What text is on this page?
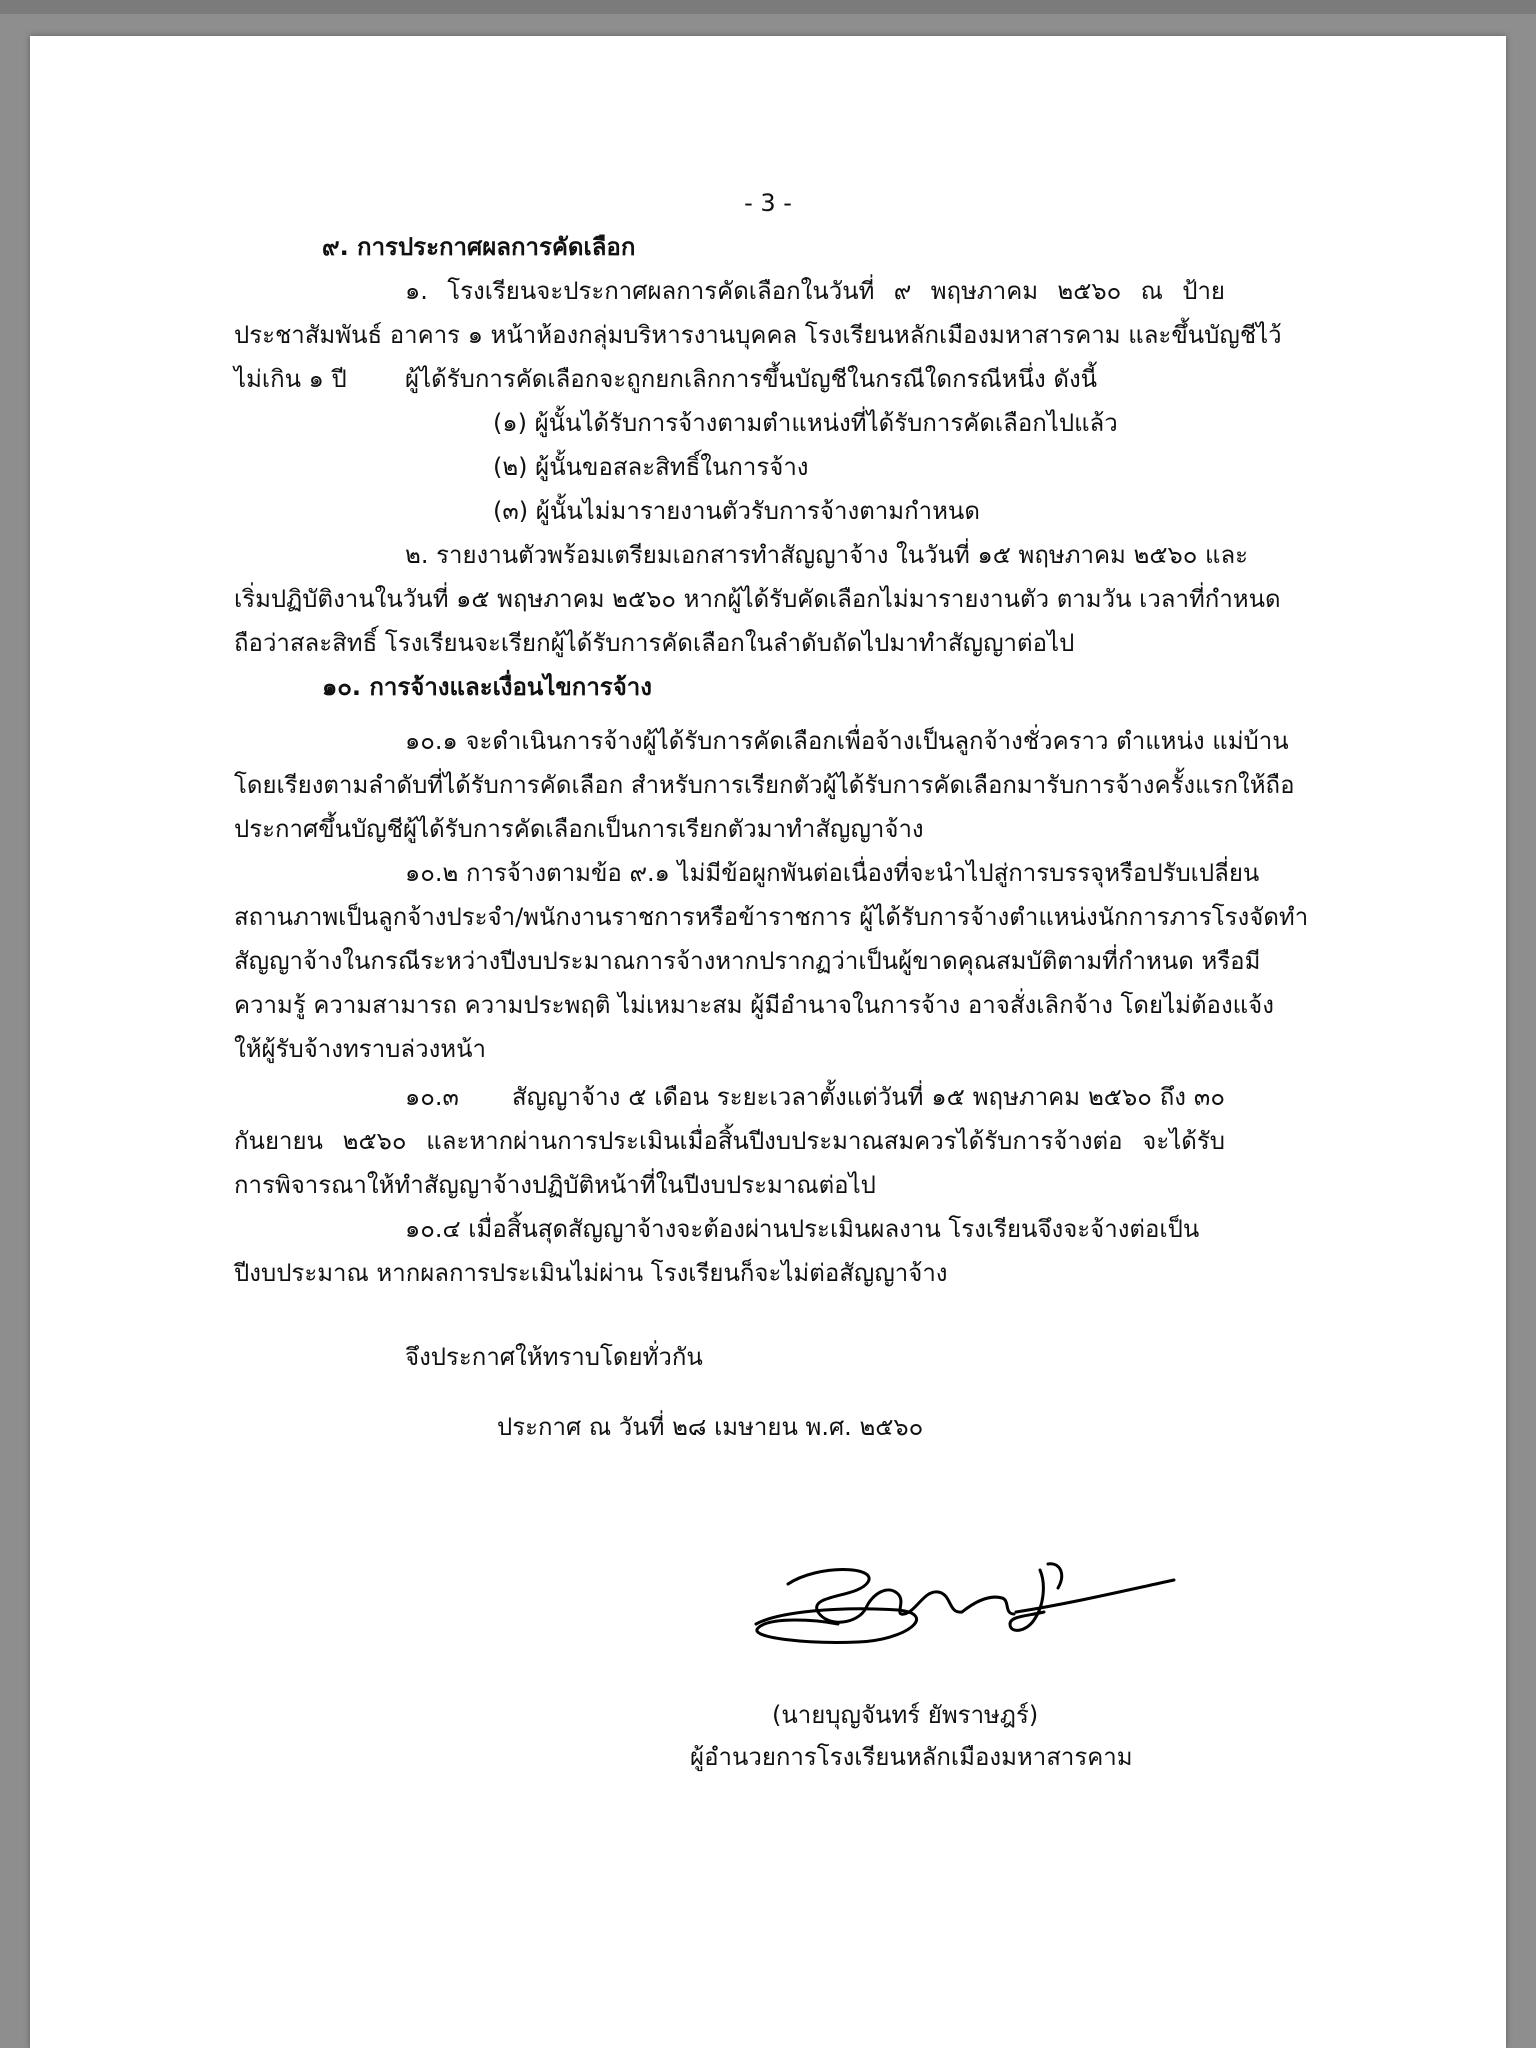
- 3 -
๙. การประกาศผลการคัดเลือก
๑. โรงเรียนจะประกาศผลการคัดเลือกในวันที่ ๙ พฤษภาคม ๒๕๖๐ ณ ป้าย
ประชาสัมพันธ์ อาคาร ๑ หน้าห้องกลุ่มบริหารงานบุคคล โรงเรียนหลักเมืองมหาสารคาม และขึ้นบัญชีไว้
ไม่เกิน ๑ ปี ผู้ได้รับการคัดเลือกจะถูกยกเลิกการขึ้นบัญชีในกรณีใดกรณีหนึ่ง ดังนี้
(๑) ผู้นั้นได้รับการจ้างตามตำแหน่งที่ได้รับการคัดเลือกไปแล้ว
(๒) ผู้นั้นขอสละสิทธิ์ในการจ้าง
(๓) ผู้นั้นไม่มารายงานตัวรับการจ้างตามกำหนด
๒. รายงานตัวพร้อมเตรียมเอกสารทำสัญญาจ้าง ในวันที่ ๑๕ พฤษภาคม ๒๕๖๐ และ
เริ่มปฏิบัติงานในวันที่ ๑๕ พฤษภาคม ๒๕๖๐ หากผู้ได้รับคัดเลือกไม่มารายงานตัว ตามวัน เวลาที่กำหนด
ถือว่าสละสิทธิ์ โรงเรียนจะเรียกผู้ได้รับการคัดเลือกในลำดับถัดไปมาทำสัญญาต่อไป
๑๐. การจ้างและเงื่อนไขการจ้าง
๑๐.๑ จะดำเนินการจ้างผู้ได้รับการคัดเลือกเพื่อจ้างเป็นลูกจ้างชั่วคราว ตำแหน่ง แม่บ้าน
โดยเรียงตามลำดับที่ได้รับการคัดเลือก สำหรับการเรียกตัวผู้ได้รับการคัดเลือกมารับการจ้างครั้งแรกให้ถือ
ประกาศขึ้นบัญชีผู้ได้รับการคัดเลือกเป็นการเรียกตัวมาทำสัญญาจ้าง
๑๐.๒ การจ้างตามข้อ ๙.๑ ไม่มีข้อผูกพันต่อเนื่องที่จะนำไปสู่การบรรจุหรือปรับเปลี่ยน
สถานภาพเป็นลูกจ้างประจำ/พนักงานราชการหรือข้าราชการ ผู้ได้รับการจ้างตำแหน่งนักการภารโรงจัดทำ
สัญญาจ้างในกรณีระหว่างปีงบประมาณการจ้างหากปรากฏว่าเป็นผู้ขาดคุณสมบัติตามที่กำหนด หรือมี
ความรู้ ความสามารถ ความประพฤติ ไม่เหมาะสม ผู้มีอำนาจในการจ้าง อาจสั่งเลิกจ้าง โดยไม่ต้องแจ้ง
ให้ผู้รับจ้างทราบล่วงหน้า
๑๐.๓ สัญญาจ้าง ๕ เดือน ระยะเวลาตั้งแต่วันที่ ๑๕ พฤษภาคม ๒๕๖๐ ถึง ๓๐
กันยายน ๒๕๖๐ และหากผ่านการประเมินเมื่อสิ้นปีงบประมาณสมควรได้รับการจ้างต่อ จะได้รับ
การพิจารณาให้ทำสัญญาจ้างปฏิบัติหน้าที่ในปีงบประมาณต่อไป
๑๐.๔ เมื่อสิ้นสุดสัญญาจ้างจะต้องผ่านประเมินผลงาน โรงเรียนจึงจะจ้างต่อเป็น
ปีงบประมาณ หากผลการประเมินไม่ผ่าน โรงเรียนก็จะไม่ต่อสัญญาจ้าง
จึงประกาศให้ทราบโดยทั่วกัน
ประกาศ ณ วันที่ ๒๘ เมษายน พ.ศ. ๒๕๖๐
(นายบุญจันทร์ ยัพราษฎร์)
ผู้อำนวยการโรงเรียนหลักเมืองมหาสารคาม
